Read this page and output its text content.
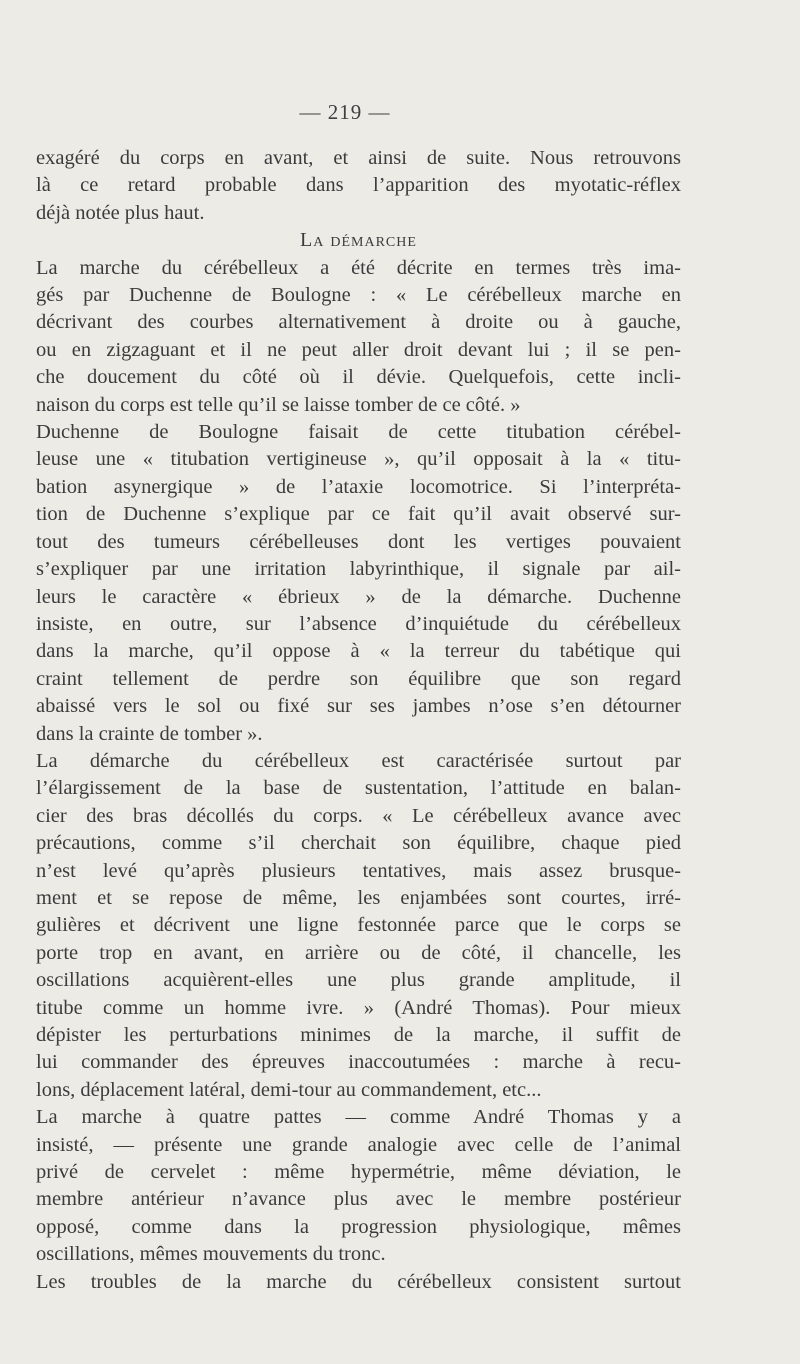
— 219 —
exagéré du corps en avant, et ainsi de suite. Nous retrouvons
là ce retard probable dans l’apparition des myotatic-réflex
déjà notée plus haut.
La démarche
La marche du cérébelleux a été décrite en termes très ima-
gés par Duchenne de Boulogne : « Le cérébelleux marche en
décrivant des courbes alternativement à droite ou à gauche,
ou en zigzaguant et il ne peut aller droit devant lui ; il se pen-
che doucement du côté où il dévie. Quelquefois, cette incli-
naison du corps est telle qu’il se laisse tomber de ce côté. »
Duchenne de Boulogne faisait de cette titubation cérébel-
leuse une « titubation vertigineuse », qu’il opposait à la « titu-
bation asynergique » de l’ataxie locomotrice. Si l’interpréta-
tion de Duchenne s’explique par ce fait qu’il avait observé sur-
tout des tumeurs cérébelleuses dont les vertiges pouvaient
s’expliquer par une irritation labyrinthique, il signale par ail-
leurs le caractère « ébrieux » de la démarche. Duchenne
insiste, en outre, sur l’absence d’inquiétude du cérébelleux
dans la marche, qu’il oppose à « la terreur du tabétique qui
craint tellement de perdre son équilibre que son regard
abaissé vers le sol ou fixé sur ses jambes n’ose s’en détourner
dans la crainte de tomber ».
La démarche du cérébelleux est caractérisée surtout par
l’élargissement de la base de sustentation, l’attitude en balan-
cier des bras décollés du corps. « Le cérébelleux avance avec
précautions, comme s’il cherchait son équilibre, chaque pied
n’est levé qu’après plusieurs tentatives, mais assez brusque-
ment et se repose de même, les enjambées sont courtes, irré-
gulières et décrivent une ligne festonnée parce que le corps se
porte trop en avant, en arrière ou de côté, il chancelle, les
oscillations acquièrent-elles une plus grande amplitude, il
titube comme un homme ivre. » (André Thomas). Pour mieux
dépister les perturbations minimes de la marche, il suffit de
lui commander des épreuves inaccoutumées : marche à recu-
lons, déplacement latéral, demi-tour au commandement, etc...
La marche à quatre pattes — comme André Thomas y a
insisté, — présente une grande analogie avec celle de l’animal
privé de cervelet : même hypermétrie, même déviation, le
membre antérieur n’avance plus avec le membre postérieur
opposé, comme dans la progression physiologique, mêmes
oscillations, mêmes mouvements du tronc.
Les troubles de la marche du cérébelleux consistent surtout
